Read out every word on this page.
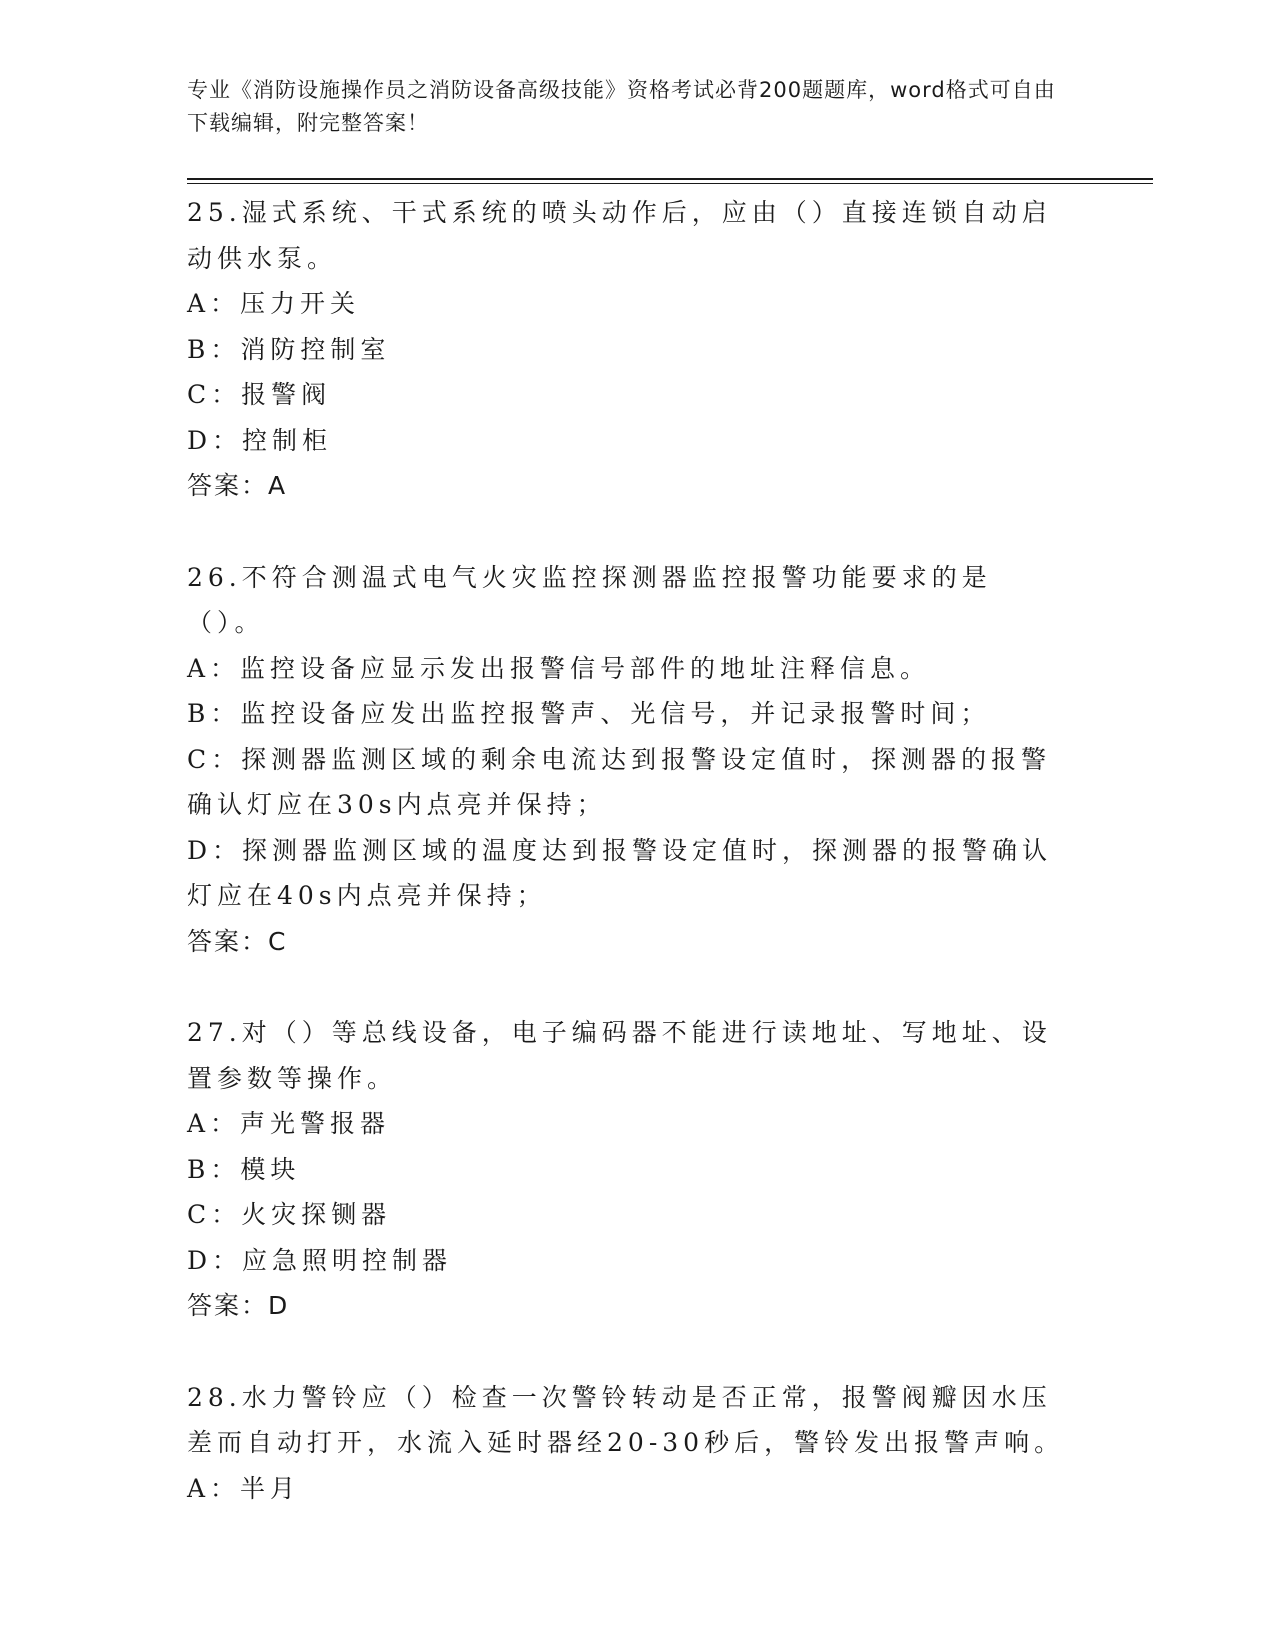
专业《消防设施操作员之消防设备高级技能》资格考试必背200题题库，word格式可自由下载编辑，附完整答案！

25.湿式系统、干式系统的喷头动作后，应由（）直接连锁自动启动供水泵。

A：压力开关

B：消防控制室

C：报警阀

D：控制柜

答案：A

26.不符合测温式电气火灾监控探测器监控报警功能要求的是（）。

A：监控设备应显示发出报警信号部件的地址注释信息。

B：监控设备应发出监控报警声、光信号，并记录报警时间；

C：探测器监测区域的剩余电流达到报警设定值时，探测器的报警确认灯应在30s内点亮并保持；

D：探测器监测区域的温度达到报警设定值时，探测器的报警确认灯应在40s内点亮并保持；

答案：C

27.对（）等总线设备，电子编码器不能进行读地址、写地址、设置参数等操作。

A：声光警报器

B：模块

C：火灾探铡器

D：应急照明控制器

答案：D

28.水力警铃应（）检查一次警铃转动是否正常，报警阀瓣因水压差而自动打开，水流入延时器经20-30秒后，警铃发出报警声响。

A：半月
